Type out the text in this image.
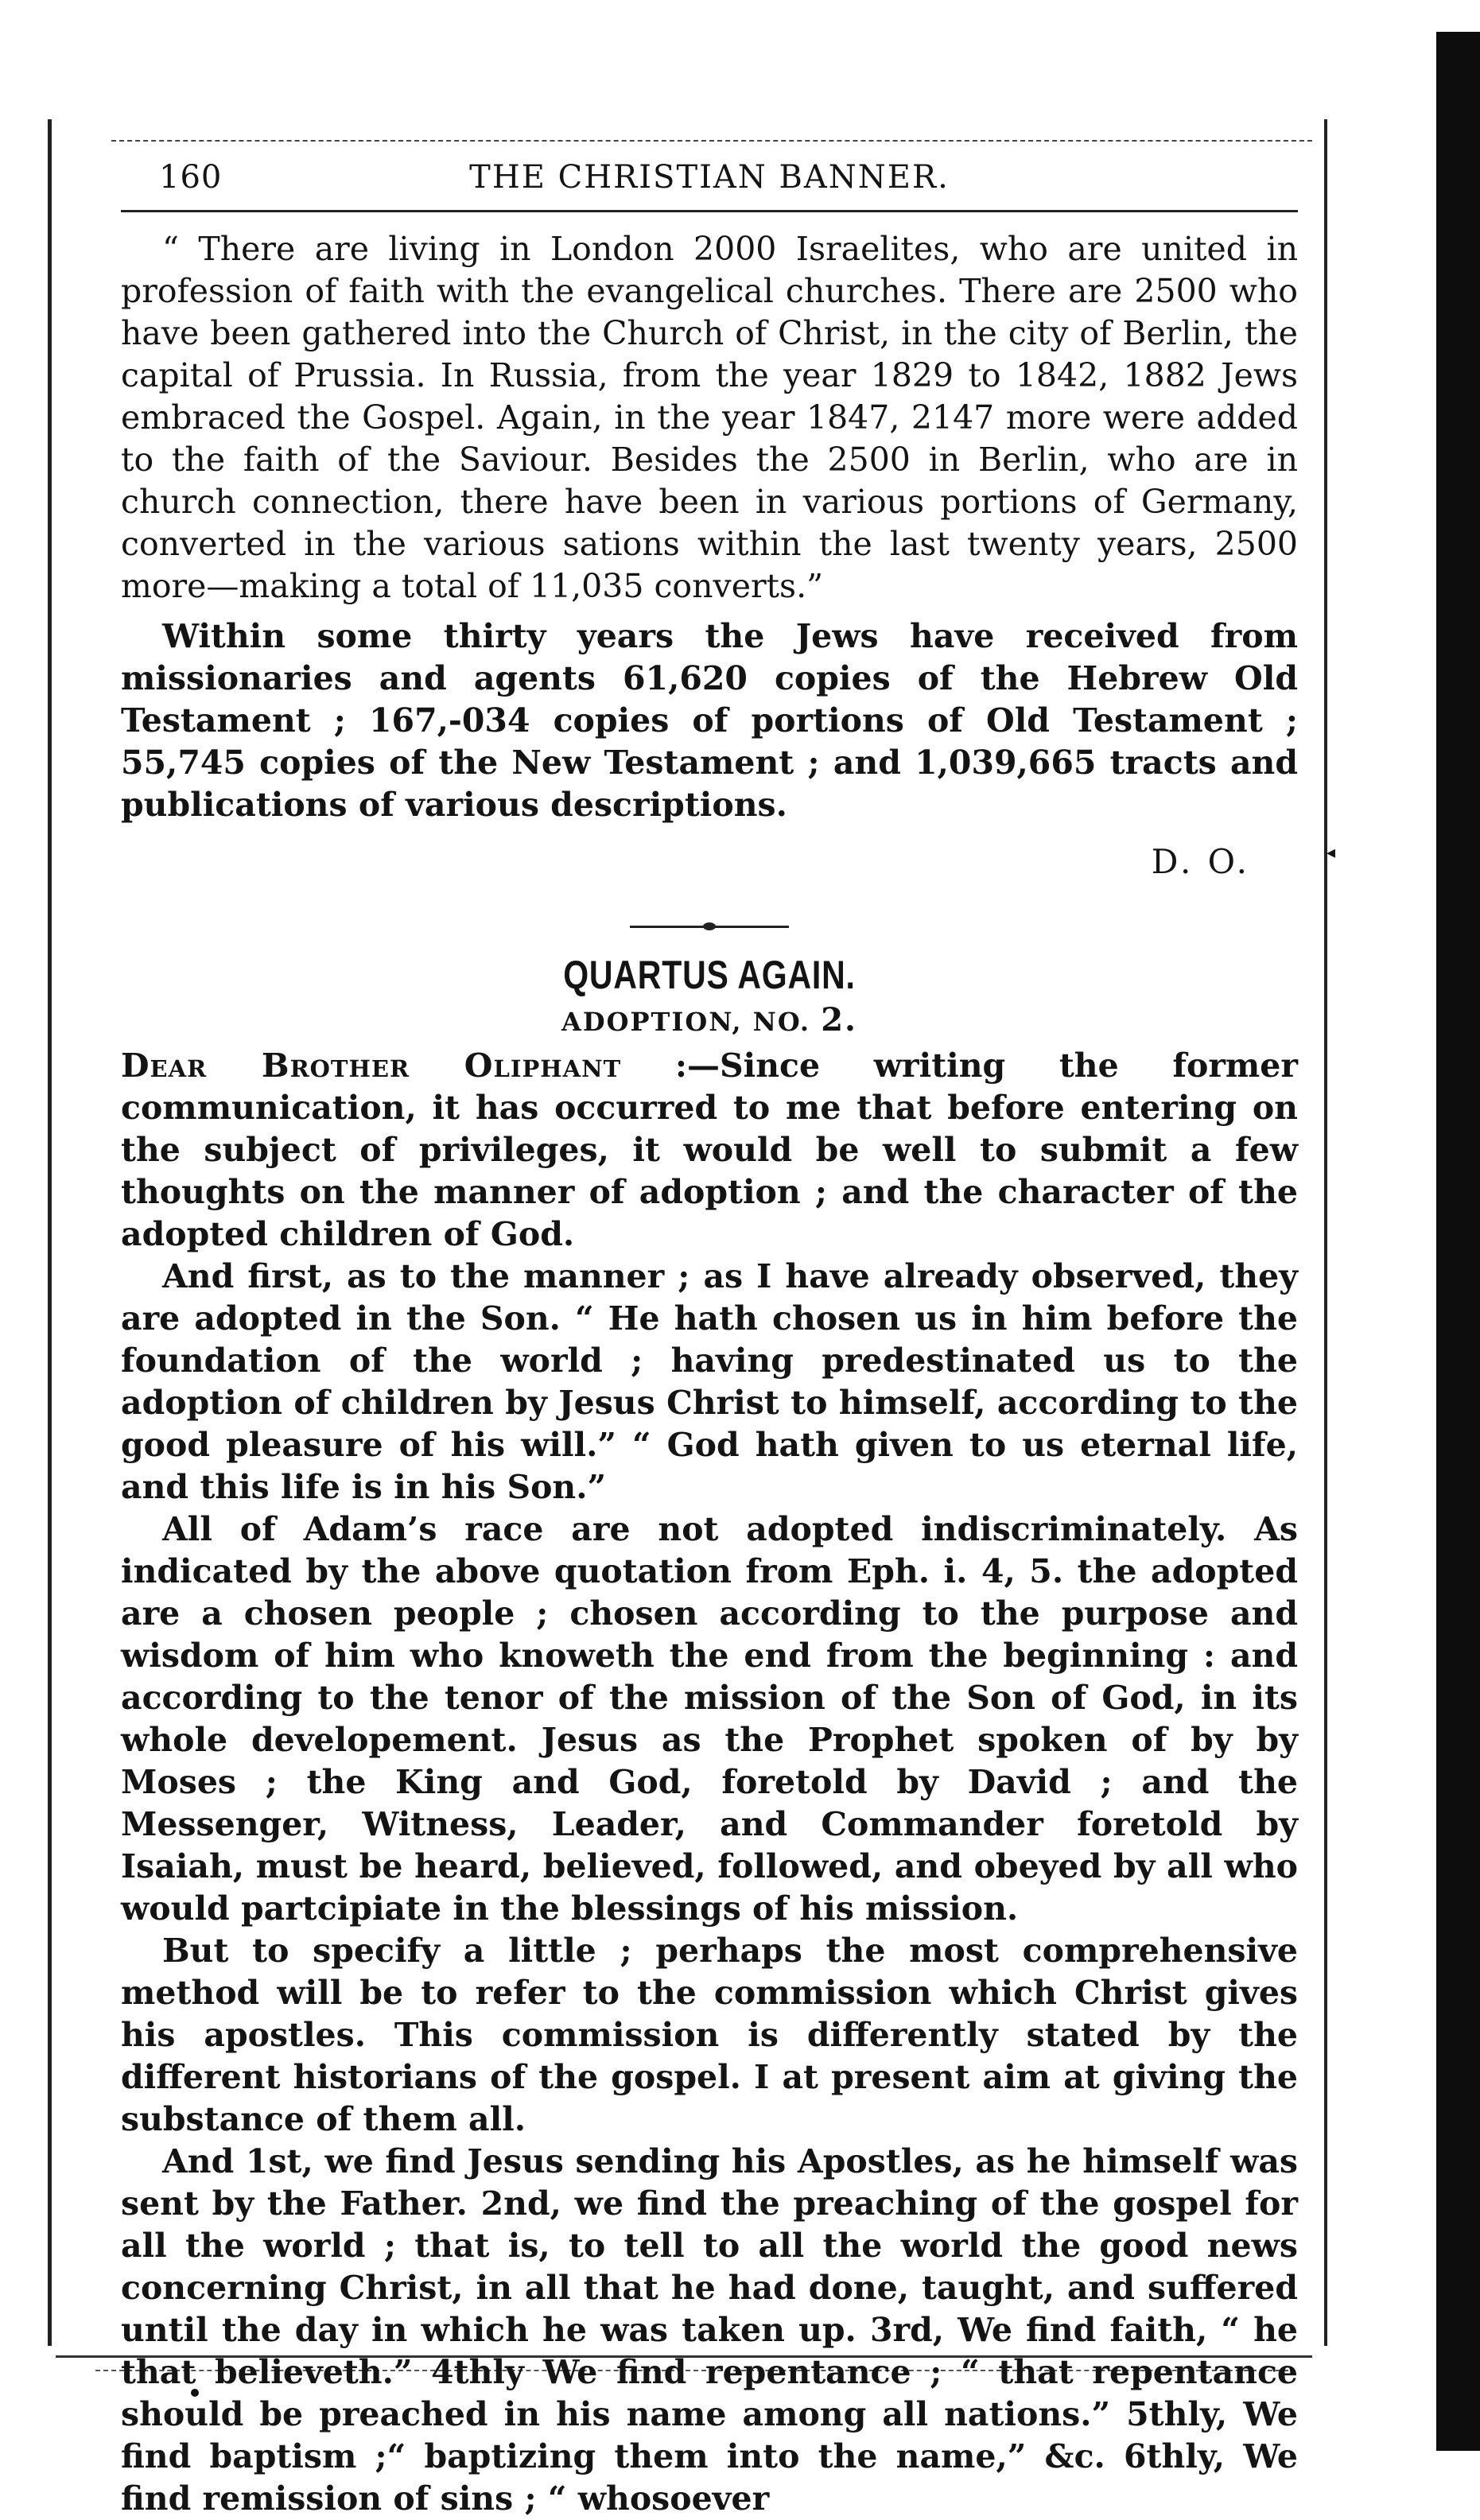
◂
160	THE CHRISTIAN BANNER.

“ There are living in London 2000 Israelites, who are united in profession of faith with the evangelical churches. There are 2500 who have been gathered into the Church of Christ, in the city of Berlin, the capital of Prussia. In Russia, from the year 1829 to 1842, 1882 Jews embraced the Gospel. Again, in the year 1847, 2147 more were added to the faith of the Saviour. Besides the 2500 in Berlin, who are in church connection, there have been in various portions of Germany, converted in the various sations within the last twenty years, 2500 more—making a total of 11,035 converts.”

Within some thirty years the Jews have received from missionaries and agents 61,620 copies of the Hebrew Old Testament ; 167,-034 copies of portions of Old Testament ; 55,745 copies of the New Testament ; and 1,039,665 tracts and publications of various descriptions.

D. O.
QUARTUS AGAIN.
ADOPTION, NO. 2.

Dear Brother Oliphant :—Since writing the former communication, it has occurred to me that before entering on the subject of privileges, it would be well to submit a few thoughts on the manner of adoption ; and the character of the adopted children of God.

And first, as to the manner ; as I have already observed, they are adopted in the Son. “ He hath chosen us in him before the foundation of the world ; having predestinated us to the adoption of children by Jesus Christ to himself, according to the good pleasure of his will.” “ God hath given to us eternal life, and this life is in his Son.”

All of Adam’s race are not adopted indiscriminately. As indicated by the above quotation from Eph. i. 4, 5. the adopted are a chosen people ; chosen according to the purpose and wisdom of him who knoweth the end from the beginning : and according to the tenor of the mission of the Son of God, in its whole developement. Jesus as the Prophet spoken of by by Moses ; the King and God, foretold by David ; and the Messenger, Witness, Leader, and Commander foretold by Isaiah, must be heard, believed, followed, and obeyed by all who would partcipiate in the blessings of his mission.

But to specify a little ; perhaps the most comprehensive method will be to refer to the commission which Christ gives his apostles. This commission is differently stated by the different historians of the gospel. I at present aim at giving the substance of them all.

And 1st, we find Jesus sending his Apostles, as he himself was sent by the Father. 2nd, we find the preaching of the gospel for all the world ; that is, to tell to all the world the good news concerning Christ, in all that he had done, taught, and suffered until the day in which he was taken up. 3rd, We find faith, “ he that believeth.” 4thly We find repentance ; “ that repentance should be preached in his name among all nations.” 5thly, We find baptism ;“ baptizing them into the name,” &c. 6thly, We find remission of sins ; “ whosoever
